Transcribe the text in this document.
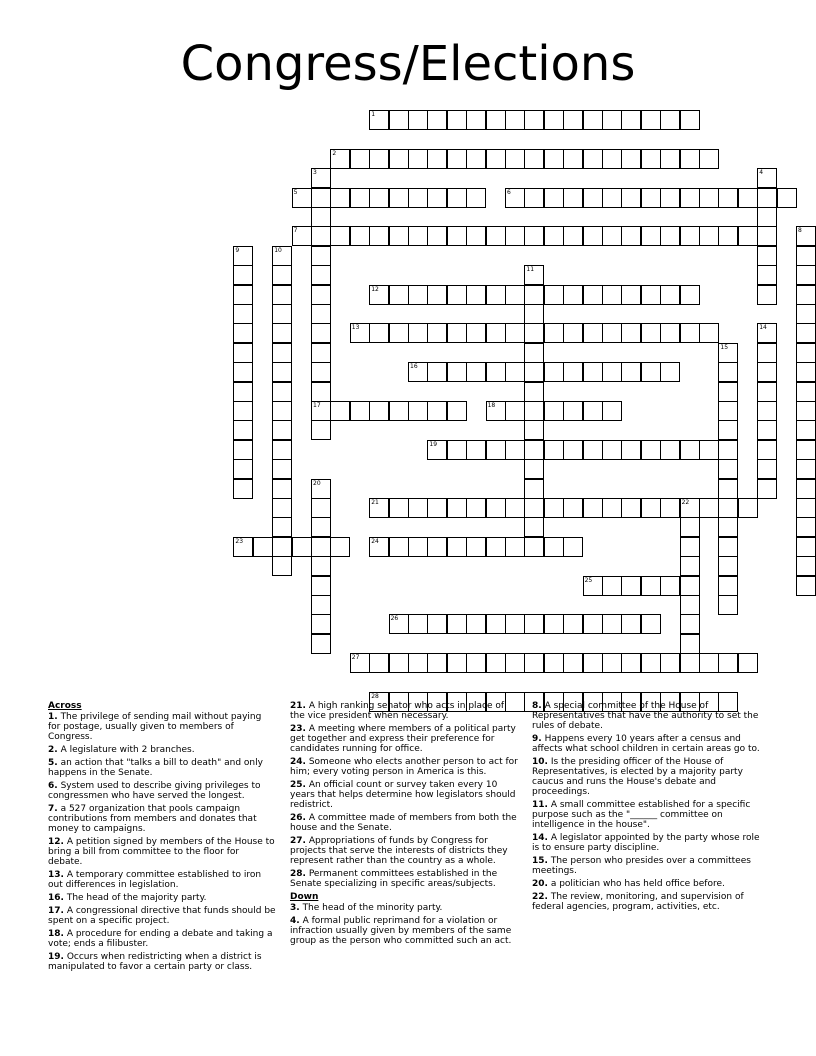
Congress/Elections
1
2
3	4
5	6
7	8
9	10
11
12
13	14
15
16
17	18
19
20
21	22
23	24
25
26
27
28
Across
1. The privilege of sending mail without paying for postage, usually given to members of Congress.
2. A legislature with 2 branches.
5. an action that "talks a bill to death" and only happens in the Senate.
6. System used to describe giving privileges to congressmen who have served the longest.
7. a 527 organization that pools campaign contributions from members and donates that money to campaigns.
12. A petition signed by members of the House to bring a bill from committee to the floor for debate.
13. A temporary committee established to iron out differences in legislation.
16. The head of the majority party.
17. A congressional directive that funds should be spent on a specific project.
18. A procedure for ending a debate and taking a vote; ends a filibuster.
19. Occurs when redistricting when a district is manipulated to favor a certain party or class.
21. A high ranking senator who acts in place of the vice president when necessary.
23. A meeting where members of a political party get together and express their preference for candidates running for office.
24. Someone who elects another person to act for him; every voting person in America is this.
25. An official count or survey taken every 10 years that helps determine how legislators should redistrict.
26. A committee made of members from both the house and the Senate.
27. Appropriations of funds by Congress for projects that serve the interests of districts they represent rather than the country as a whole.
28. Permanent committees established in the Senate specializing in specific areas/subjects.
Down
3. The head of the minority party.
4. A formal public reprimand for a violation or infraction usually given by members of the same group as the person who committed such an act.
8. A special committee of the House of Representatives that have the authority to set the rules of debate.
9. Happens every 10 years after a census and affects what school children in certain areas go to.
10. Is the presiding officer of the House of Representatives, is elected by a majority party caucus and runs the House's debate and proceedings.
11. A small committee established for a specific purpose such as the "______ committee on intelligence in the house".
14. A legislator appointed by the party whose role is to ensure party discipline.
15. The person who presides over a committees meetings.
20. a politician who has held office before.
22. The review, monitoring, and supervision of federal agencies, program, activities, etc.
